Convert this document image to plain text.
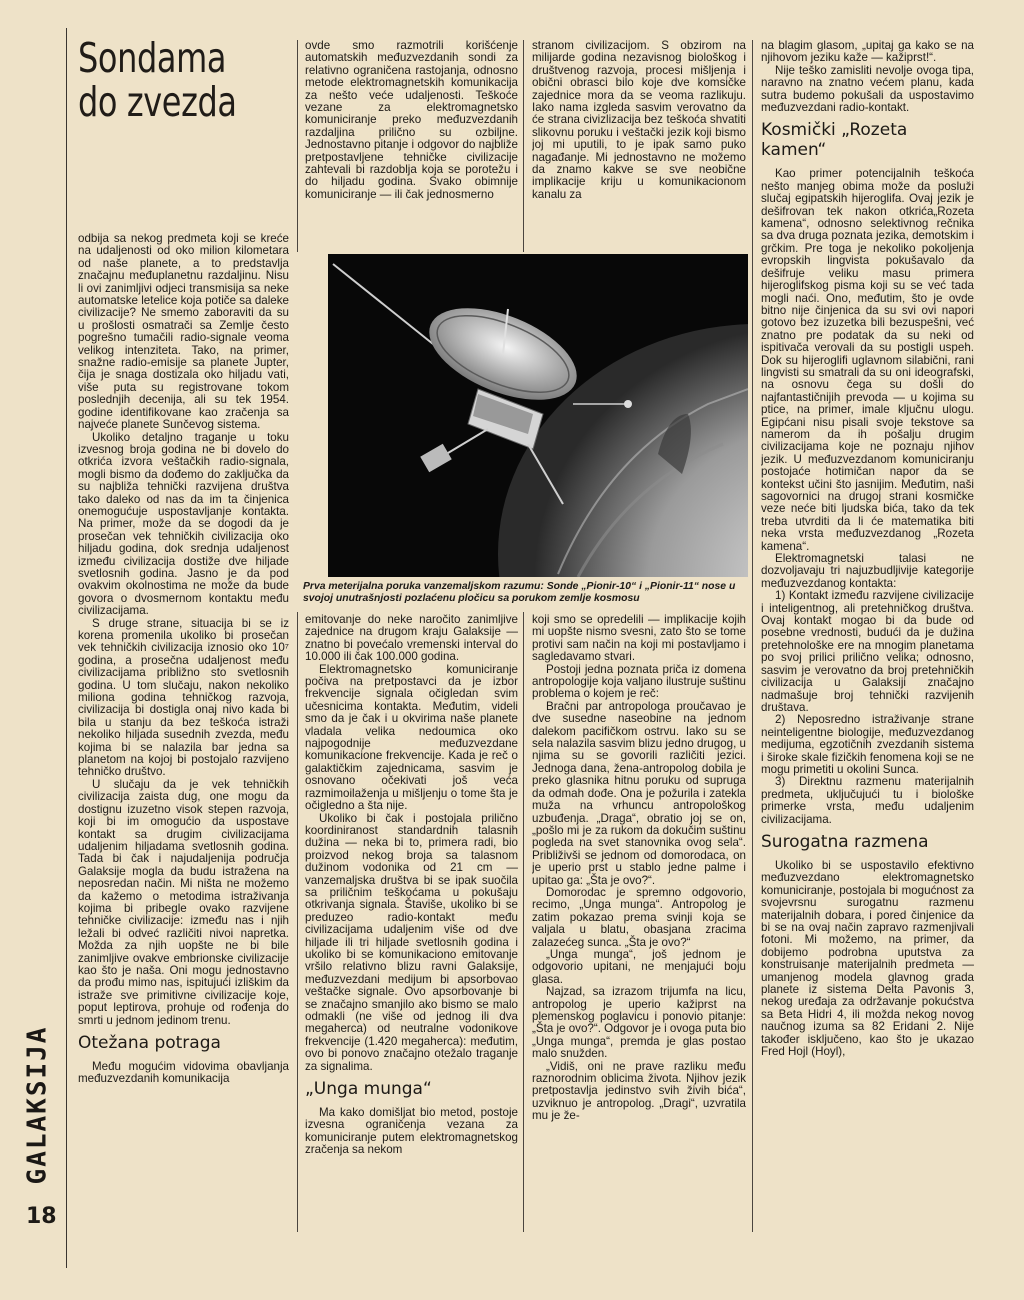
GALAKSIJA
18
Sondama do zvezda

odbija sa nekog predmeta koji se kreće na udaljenosti od oko milion kilometara od naše planete, a to predstavlja značajnu međuplanetnu razdaljinu. Nisu li ovi zanimljivi odjeci transmisija sa neke automatske letelice koja potiče sa daleke civilizacije? Ne smemo zaboraviti da su u prošlosti osmatrači sa Zemlje često pogrešno tumačili radio-signale veoma velikog intenziteta. Tako, na primer, snažne radio-emisije sa planete Jupter, čija je snaga dostizala oko hiljadu vati, više puta su registrovane tokom poslednjih decenija, ali su tek 1954. godine identifikovane kao zračenja sa najveće planete Sunčevog sistema.

Ukoliko detaljno traganje u toku izvesnog broja godina ne bi dovelo do otkrića izvora veštačkih radio-signala, mogli bismo da dođemo do zaključka da su najbliža tehnički razvijena društva tako daleko od nas da im ta činjenica onemogućuje uspostavljanje kontakta. Na primer, može da se dogodi da je prosečan vek tehničkih civilizacija oko hiljadu godina, dok srednja udaljenost između civilizacija dostiže dve hiljade svetlosnih godina. Jasno je da pod ovakvim okolnostima ne može da bude govora o dvosmernom kontaktu među civilizacijama.

S druge strane, situacija bi se iz korena promenila ukoliko bi prosečan vek tehničkih civilizacija iznosio oko 10⁷ godina, a prosečna udaljenost među civilizacijama približno sto svetlosnih godina. U tom slučaju, nakon nekoliko miliona godina tehničkog razvoja, civilizacija bi dostigla onaj nivo kada bi bila u stanju da bez teškoća istraži nekoliko hiljada susednih zvezda, među kojima bi se nalazila bar jedna sa planetom na kojoj bi postojalo razvijeno tehničko društvo.

U slučaju da je vek tehničkih civilizacija zaista dug, one mogu da dostignu izuzetno visok stepen razvoja, koji bi im omogućio da uspostave kontakt sa drugim civilizacijama udaljenim hiljadama svetlosnih godina. Tada bi čak i najudaljenija područja Galaksije mogla da budu istražena na neposredan način. Mi ništa ne možemo da kažemo o metodima istraživanja kojima bi pribegle ovako razvijene tehničke civilizacije: između nas i njih ležali bi odveć različiti nivoi napretka. Možda za njih uopšte ne bi bile zanimljive ovakve embrionske civilizacije kao što je naša. Oni mogu jednostavno da prođu mimo nas, ispitujući izliškim da istraže sve primitivne civilizacije koje, poput leptirova, prohuje od rođenja do smrti u jednom jedinom trenu.

Otežana potraga

Među mogućim vidovima obavljanja međuzvezdanih komunikacija

ovde smo razmotrili korišćenje automatskih međuzvezdanih sondi za relativno ograničena rastojanja, odnosno metode elektromagnetskih komunikacija za nešto veće udaljenosti. Teškoće vezane za elektromagnetsko komuniciranje preko međuzvezdanih razdaljina prilično su ozbiljne. Jednostavno pitanje i odgovor do najbliže pretpostavljene tehničke civilizacije zahtevali bi razdoblja koja se porotežu i do hiljadu godina. Svako obimnije komuniciranje — ili čak jednosmerno

stranom civilizacijom. S obzirom na milijarde godina nezavisnog biološkog i društvenog razvoja, procesi mišljenja i obični obrasci bilo koje dve komsičke zajednice mora da se veoma razlikuju. Iako nama izgleda sasvim verovatno da će strana civizlizacija bez teškoća shvatiti slikovnu poruku i veštački jezik koji bismo joj mi uputili, to je ipak samo puko nagađanje. Mi jednostavno ne možemo da znamo kakve se sve neobične implikacije kriju u komunikacionom kanalu za

Prva meterijalna poruka vanzemaljskom razumu: Sonde „Pionir-10“ i „Pionir-11“ nose u svojoj unutrašnjosti pozlaćenu pločicu sa porukom zemlje kosmosu

emitovanje do neke naročito zanimljive zajednice na drugom kraju Galaksije — znatno bi povećalo vremenski interval do 10.000 ili čak 100.000 godina.

Elektromagnetsko komuniciranje počiva na pretpostavci da je izbor frekvencije signala očigledan svim učesnicima kontakta. Međutim, videli smo da je čak i u okvirima naše planete vladala velika nedoumica oko najpogodnije međuzvezdane komunikacione frekvencije. Kada je reč o galaktičkim zajednicama, sasvim je osnovano očekivati još veća razmimoilaženja u mišljenju o tome šta je očigledno a šta nije.

Ukoliko bi čak i postojala prilično koordiniranost standardnih talasnih dužina — neka bi to, primera radi, bio proizvod nekog broja sa talasnom dužinom vodonika od 21 cm — vanzemaljska društva bi se ipak suočila sa priličnim teškoćama u pokušaju otkrivanja signala. Štaviše, ukoliko bi se preduzeo radio-kontakt među civilizacijama udaljenim više od dve hiljade ili tri hiljade svetlosnih godina i ukoliko bi se komunikaciono emitovanje vršilo relativno blizu ravni Galaksije, međuzvezdani medijum bi apsorbovao veštačke signale. Ovo apsorbovanje bi se značajno smanjilo ako bismo se malo odmakli (ne više od jednog ili dva megaherca) od neutralne vodonikove frekvencije (1.420 megaherca): međutim, ovo bi ponovo značajno otežalo traganje za signalima.

„Unga munga“

Ma kako domišljat bio metod, postoje izvesna ograničenja vezana za komuniciranje putem elektromagnetskog zračenja sa nekom

koji smo se opredelili — implikacije kojih mi uopšte nismo svesni, zato što se tome protivi sam način na koji mi postavljamo i sagledavamo stvari.

Postoji jedna poznata priča iz domena antropologije koja valjano ilustruje suštinu problema o kojem je reč:

Bračni par antropologa proučavao je dve susedne naseobine na jednom dalekom pacifičkom ostrvu. Iako su se sela nalazila sasvim blizu jedno drugog, u njima su se govorili različiti jezici. Jednoga dana, žena-antropolog dobila je preko glasnika hitnu poruku od supruga da odmah dođe. Ona je požurila i zatekla muža na vrhuncu antropološkog uzbuđenja. „Draga“, obratio joj se on, „pošlo mi je za rukom da dokučim suštinu pogleda na svet stanovnika ovog sela“. Približivši se jednom od domorodaca, on je uperio prst u stablo jedne palme i upitao ga: „Šta je ovo?“.

Domorodac je spremno odgovorio, recimo, „Unga munga“. Antropolog je zatim pokazao prema svinji koja se valjala u blatu, obasjana zracima zalazećeg sunca. „Šta je ovo?“

„Unga munga“, još jednom je odgovorio upitani, ne menjajući boju glasa.

Najzad, sa izrazom trijumfa na licu, antropolog je uperio kažiprst na plemenskog poglavicu i ponovio pitanje: „Šta je ovo?“. Odgovor je i ovoga puta bio „Unga munga“, premda je glas postao malo snužden.

„Vidiš, oni ne prave razliku među raznorodnim oblicima života. Njihov jezik pretpostavlja jedinstvo svih živih bića“, uzviknuo je antropolog. „Dragi“, uzvratila mu je že-

na blagim glasom, „upitaj ga kako se na njihovom jeziku kaže — kažiprst!“.

Nije teško zamisliti nevolje ovoga tipa, naravno na znatno većem planu, kada sutra budemo pokušali da uspostavimo međuzvezdani radio-kontakt.

Kosmički „Rozeta kamen“

Kao primer potencijalnih teškoća nešto manjeg obima može da posluži slučaj egipatskih hijeroglifa. Ovaj jezik je dešifrovan tek nakon otkrića„Rozeta kamena“, odnosno selektivnog rečnika sa dva druga poznata jezika, demotskim i grčkim. Pre toga je nekoliko pokoljenja evropskih lingvista pokušavalo da dešifruje veliku masu primera hijeroglifskog pisma koji su se već tada mogli naći. Ono, međutim, što je ovde bitno nije činjenica da su svi ovi napori gotovo bez izuzetka bili bezuspešni, već znatno pre podatak da su neki od ispitivača verovali da su postigli uspeh. Dok su hijeroglifi uglavnom silabični, rani lingvisti su smatrali da su oni ideografski, na osnovu čega su došli do najfantastičnijih prevoda — u kojima su ptice, na primer, imale ključnu ulogu. Egipćani nisu pisali svoje tekstove sa namerom da ih pošalju drugim civilizacijama koje ne poznaju njihov jezik. U međuzvezdanom komuniciranju postojaće hotimičan napor da se kontekst učini što jasnijim. Međutim, naši sagovornici na drugoj strani kosmičke veze neće biti ljudska bića, tako da tek treba utvrditi da li će matematika biti neka vrsta međuzvezdanog „Rozeta kamena“.

Elektromagnetski talasi ne dozvoljavaju tri najuzbudljivije kategorije međuzvezdanog kontakta:

1) Kontakt između razvijene civilizacije i inteligentnog, ali pretehničkog društva. Ovaj kontakt mogao bi da bude od posebne vrednosti, budući da je dužina pretehnološke ere na mnogim planetama po svoj prilici prilično velika; odnosno, sasvim je verovatno da broj pretehničkih civilizacija u Galaksiji značajno nadmašuje broj tehnički razvijenih društava.

2) Neposredno istraživanje strane neinteligentne biologije, međuzvezdanog medijuma, egzotičnih zvezdanih sistema i široke skale fizičkih fenomena koji se ne mogu primetiti u okolini Sunca.

3) Direktnu razmenu materijalnih predmeta, uključujući tu i biološke primerke vrsta, među udaljenim civilizacijama.

Surogatna razmena

Ukoliko bi se uspostavilo efektivno međuzvezdano elektromagnetsko komuniciranje, postojala bi mogućnost za svojevrsnu surogatnu razmenu materijalnih dobara, i pored činjenice da bi se na ovaj način zapravo razmenjivali fotoni. Mi možemo, na primer, da dobijemo podrobna uputstva za konstruisanje materijalnih predmeta — umanjenog modela glavnog grada planete iz sistema Delta Pavonis 3, nekog uređaja za održavanje pokućstva sa Beta Hidri 4, ili možda nekog novog naučnog izuma sa 82 Eridani 2. Nije također isključeno, kao što je ukazao Fred Hojl (Hoyl),
